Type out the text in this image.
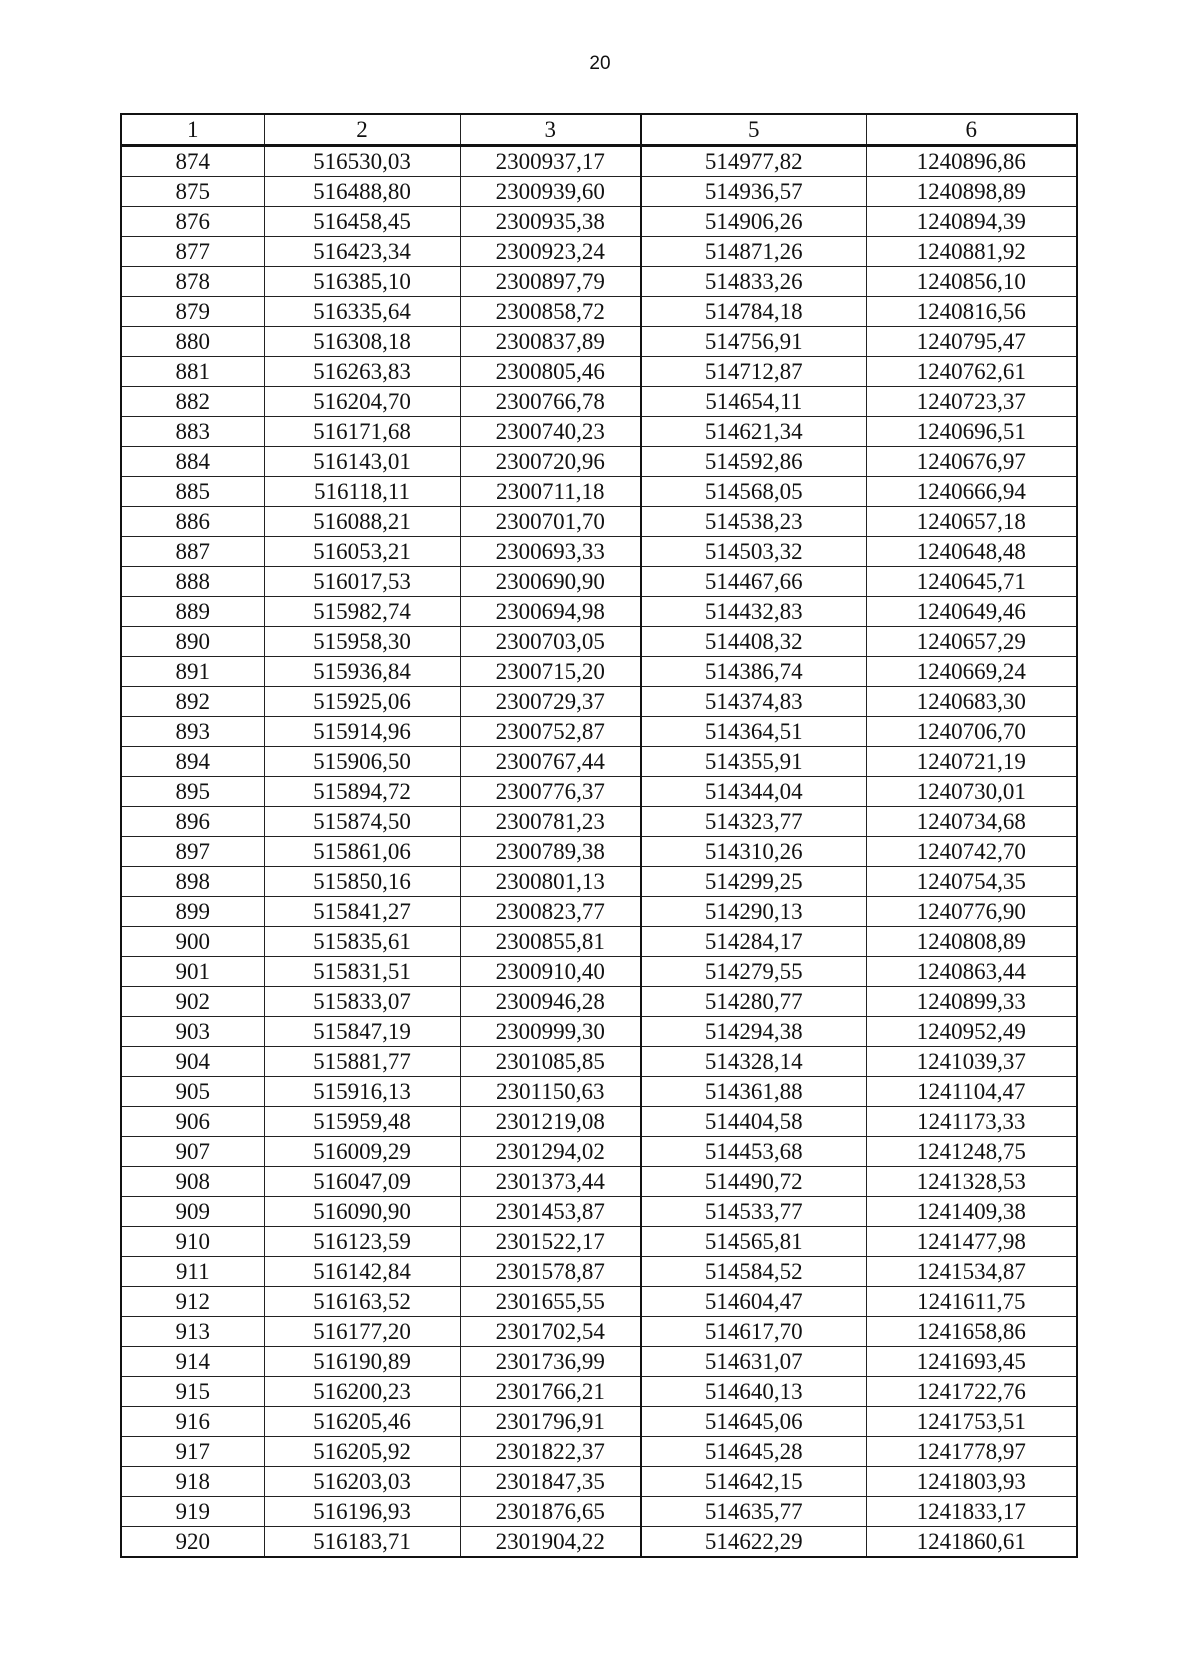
20
1	2	3	5	6
874	516530,03	2300937,17	514977,82	1240896,86
875	516488,80	2300939,60	514936,57	1240898,89
876	516458,45	2300935,38	514906,26	1240894,39
877	516423,34	2300923,24	514871,26	1240881,92
878	516385,10	2300897,79	514833,26	1240856,10
879	516335,64	2300858,72	514784,18	1240816,56
880	516308,18	2300837,89	514756,91	1240795,47
881	516263,83	2300805,46	514712,87	1240762,61
882	516204,70	2300766,78	514654,11	1240723,37
883	516171,68	2300740,23	514621,34	1240696,51
884	516143,01	2300720,96	514592,86	1240676,97
885	516118,11	2300711,18	514568,05	1240666,94
886	516088,21	2300701,70	514538,23	1240657,18
887	516053,21	2300693,33	514503,32	1240648,48
888	516017,53	2300690,90	514467,66	1240645,71
889	515982,74	2300694,98	514432,83	1240649,46
890	515958,30	2300703,05	514408,32	1240657,29
891	515936,84	2300715,20	514386,74	1240669,24
892	515925,06	2300729,37	514374,83	1240683,30
893	515914,96	2300752,87	514364,51	1240706,70
894	515906,50	2300767,44	514355,91	1240721,19
895	515894,72	2300776,37	514344,04	1240730,01
896	515874,50	2300781,23	514323,77	1240734,68
897	515861,06	2300789,38	514310,26	1240742,70
898	515850,16	2300801,13	514299,25	1240754,35
899	515841,27	2300823,77	514290,13	1240776,90
900	515835,61	2300855,81	514284,17	1240808,89
901	515831,51	2300910,40	514279,55	1240863,44
902	515833,07	2300946,28	514280,77	1240899,33
903	515847,19	2300999,30	514294,38	1240952,49
904	515881,77	2301085,85	514328,14	1241039,37
905	515916,13	2301150,63	514361,88	1241104,47
906	515959,48	2301219,08	514404,58	1241173,33
907	516009,29	2301294,02	514453,68	1241248,75
908	516047,09	2301373,44	514490,72	1241328,53
909	516090,90	2301453,87	514533,77	1241409,38
910	516123,59	2301522,17	514565,81	1241477,98
911	516142,84	2301578,87	514584,52	1241534,87
912	516163,52	2301655,55	514604,47	1241611,75
913	516177,20	2301702,54	514617,70	1241658,86
914	516190,89	2301736,99	514631,07	1241693,45
915	516200,23	2301766,21	514640,13	1241722,76
916	516205,46	2301796,91	514645,06	1241753,51
917	516205,92	2301822,37	514645,28	1241778,97
918	516203,03	2301847,35	514642,15	1241803,93
919	516196,93	2301876,65	514635,77	1241833,17
920	516183,71	2301904,22	514622,29	1241860,61
